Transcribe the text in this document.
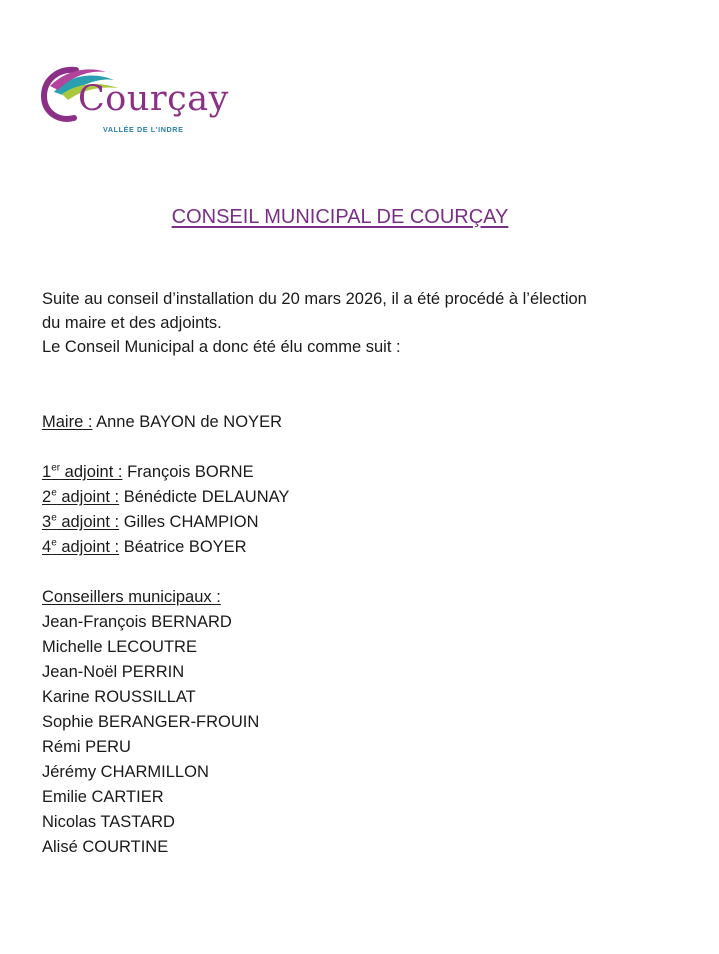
Courçay
VALLÉE DE L'INDRE
CONSEIL MUNICIPAL DE COURÇAY

Suite au conseil d’installation du 20 mars 2026, il a été procédé à l’élection

du maire et des adjoints.

Le Conseil Municipal a donc été élu comme suit :

Maire : Anne BAYON de NOYER
1er adjoint : François BORNE
2e adjoint : Bénédicte DELAUNAY
3e adjoint : Gilles CHAMPION
4e adjoint : Béatrice BOYER
Conseillers municipaux :
Jean-François BERNARD
Michelle LECOUTRE
Jean-Noël PERRIN
Karine ROUSSILLAT
Sophie BERANGER-FROUIN
Rémi PERU
Jérémy CHARMILLON
Emilie CARTIER
Nicolas TASTARD
Alisé COURTINE
